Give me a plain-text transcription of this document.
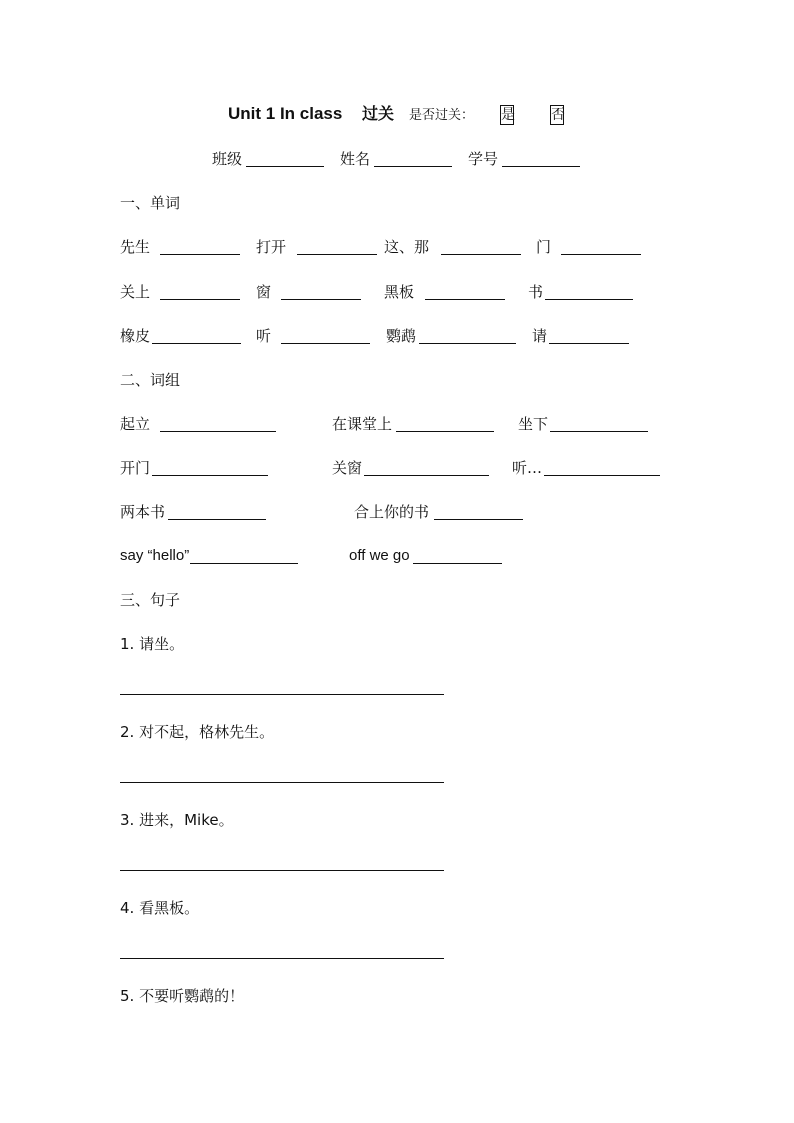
Unit 1 In class 过关 是否过关： 是	否
班级	姓名	学号
一、单词
先生	打开	这、那	门
关上	窗	黑板	书
橡皮	听	鹦鹉	请
二、词组
起立	在课堂上	坐下
开门	关窗	听…
两本书	合上你的书
say “hello”	off we go
三、句子
1. 请坐。
2. 对不起，格林先生。
3. 进来，Mike。
4. 看黑板。
5. 不要听鹦鹉的！
